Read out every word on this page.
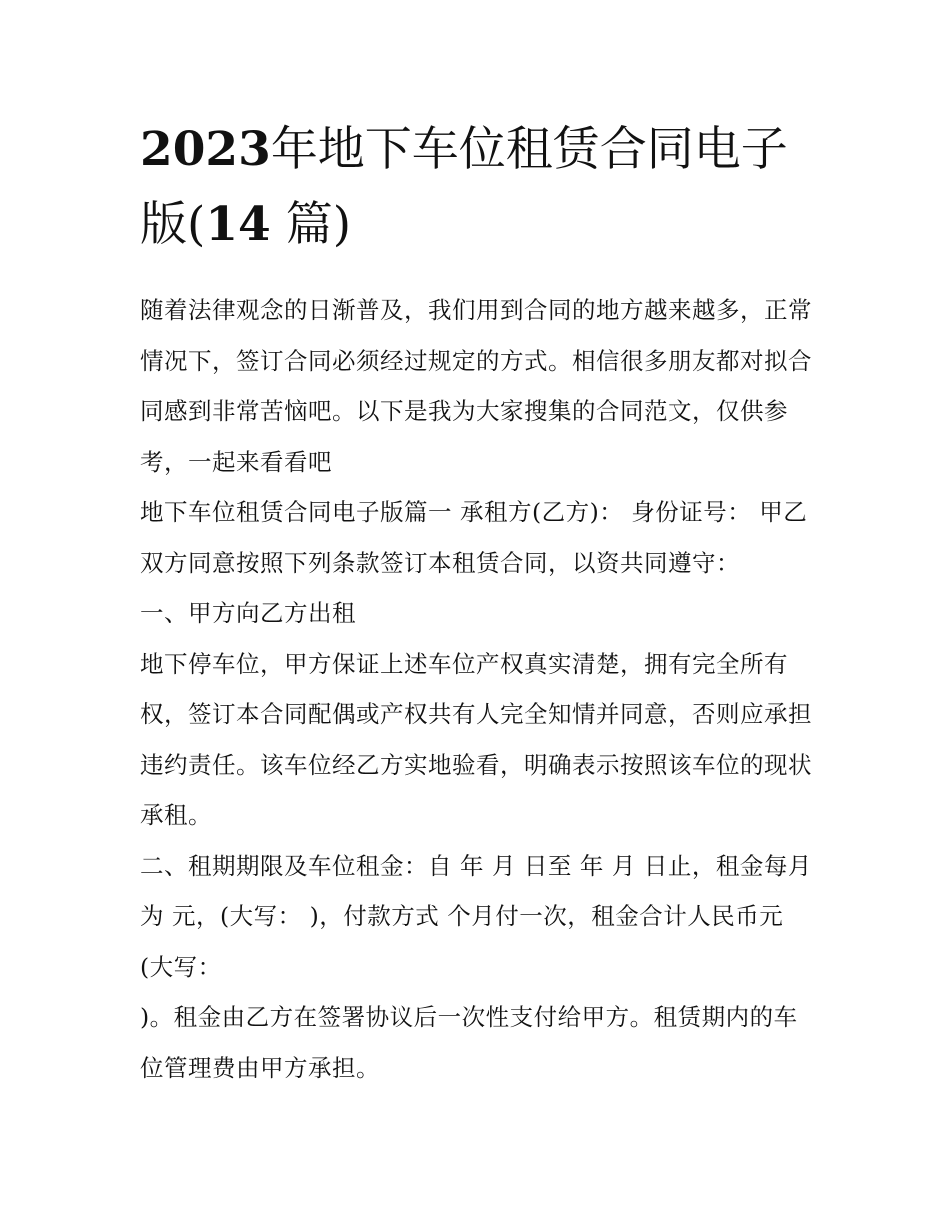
2023年地下车位租赁合同电子版(14 篇)

随着法律观念的日渐普及，我们用到合同的地方越来越多，正常情况下，签订合同必须经过规定的方式。相信很多朋友都对拟合同感到非常苦恼吧。以下是我为大家搜集的合同范文，仅供参考，一起来看看吧

地下车位租赁合同电子版篇一 承租方(乙方)： 身份证号： 甲乙双方同意按照下列条款签订本租赁合同，以资共同遵守：

一、甲方向乙方出租

地下停车位，甲方保证上述车位产权真实清楚，拥有完全所有权，签订本合同配偶或产权共有人完全知情并同意，否则应承担违约责任。该车位经乙方实地验看，明确表示按照该车位的现状承租。

二、租期期限及车位租金：自 年 月 日至 年 月 日止，租金每月为 元，(大写： )，付款方式 个月付一次，租金合计人民币元(大写：

)。租金由乙方在签署协议后一次性支付给甲方。租赁期内的车位管理费由甲方承担。
